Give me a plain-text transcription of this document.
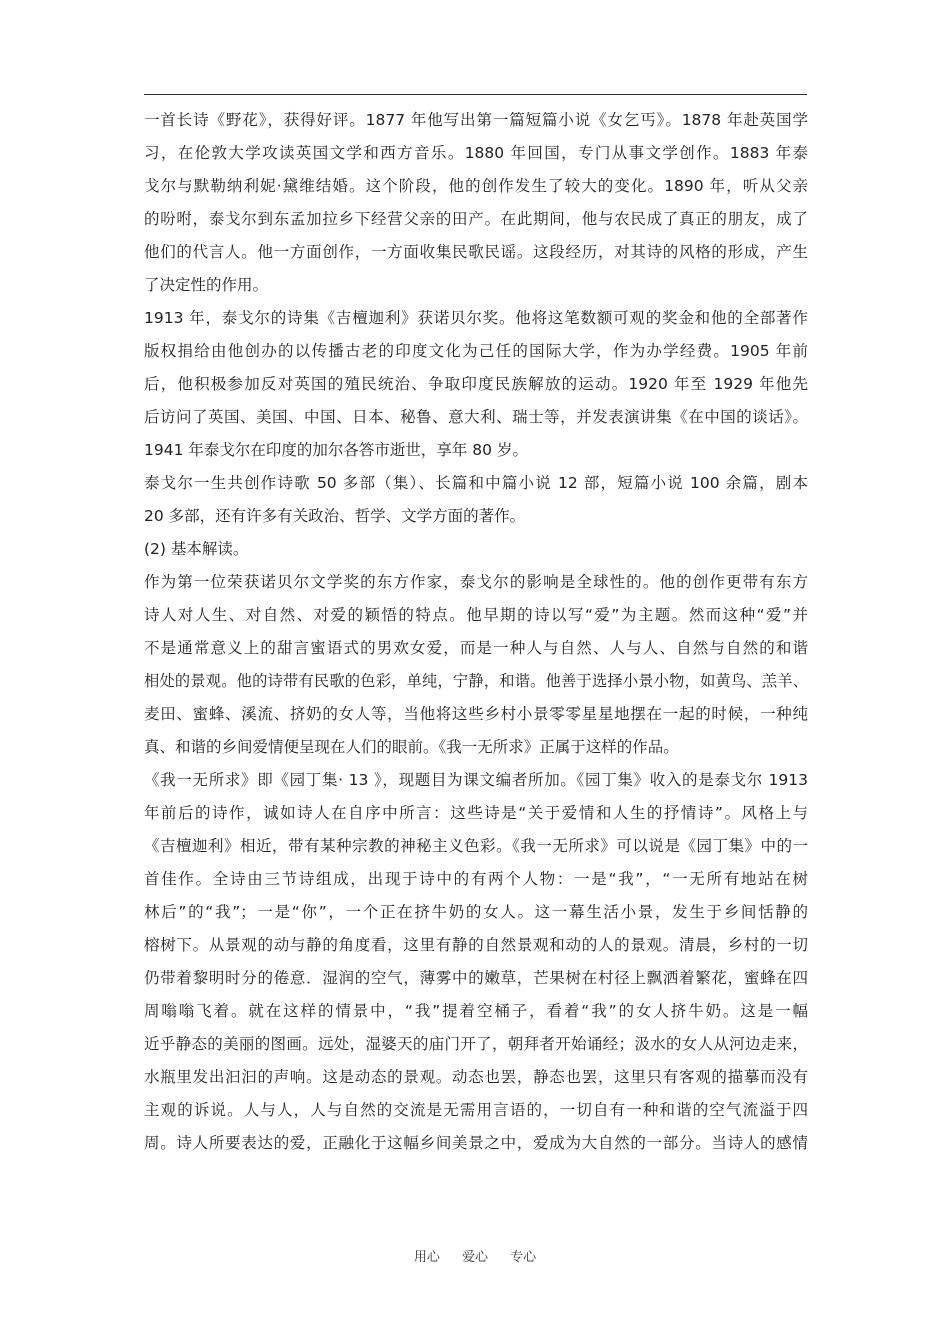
一首长诗《野花》，获得好评。1877 年他写出第一篇短篇小说《女乞丐》。1878 年赴英国学
习，在伦敦大学攻读英国文学和西方音乐。1880 年回国，专门从事文学创作。1883 年泰
戈尔与默勒纳利妮·黛维结婚。这个阶段，他的创作发生了较大的变化。1890 年，听从父亲
的吩咐，泰戈尔到东孟加拉乡下经营父亲的田产。在此期间，他与农民成了真正的朋友，成了
他们的代言人。他一方面创作，一方面收集民歌民谣。这段经历，对其诗的风格的形成，产生
了决定性的作用。
1913 年，泰戈尔的诗集《吉檀迦利》获诺贝尔奖。他将这笔数额可观的奖金和他的全部著作
版权捐给由他创办的以传播古老的印度文化为己任的国际大学，作为办学经费。1905 年前
后，他积极参加反对英国的殖民统治、争取印度民族解放的运动。1920 年至 1929 年他先
后访问了英国、美国、中国、日本、秘鲁、意大利、瑞士等，并发表演讲集《在中国的谈话》。
1941 年泰戈尔在印度的加尔各答市逝世，享年 80 岁。
泰戈尔一生共创作诗歌 50 多部（集）、长篇和中篇小说 12 部，短篇小说 100 余篇，剧本
20 多部，还有许多有关政治、哲学、文学方面的著作。
(2) 基本解读。
作为第一位荣获诺贝尔文学奖的东方作家，泰戈尔的影响是全球性的。他的创作更带有东方
诗人对人生、对自然、对爱的颖悟的特点。他早期的诗以写“爱”为主题。然而这种“爱”并
不是通常意义上的甜言蜜语式的男欢女爱，而是一种人与自然、人与人、自然与自然的和谐
相处的景观。他的诗带有民歌的色彩，单纯，宁静，和谐。他善于选择小景小物，如黄鸟、羔羊、
麦田、蜜蜂、溪流、挤奶的女人等，当他将这些乡村小景零零星星地摆在一起的时候，一种纯
真、和谐的乡间爱情便呈现在人们的眼前。《我一无所求》正属于这样的作品。
《我一无所求》即《园丁集· 13 》，现题目为课文编者所加。《园丁集》收入的是泰戈尔 1913
年前后的诗作，诚如诗人在自序中所言：这些诗是“关于爱情和人生的抒情诗”。风格上与
《吉檀迦利》相近，带有某种宗教的神秘主义色彩。《我一无所求》可以说是《园丁集》中的一
首佳作。全诗由三节诗组成，出现于诗中的有两个人物：一是“我”，“一无所有地站在树
林后”的“我”；一是“你”，一个正在挤牛奶的女人。这一幕生活小景，发生于乡间恬静的
榕树下。从景观的动与静的角度看，这里有静的自然景观和动的人的景观。清晨，乡村的一切
仍带着黎明时分的倦意．湿润的空气，薄雾中的嫩草，芒果树在村径上飘洒着繁花，蜜蜂在四
周嗡嗡飞着。就在这样的情景中，“我”提着空桶子，看着“我”的女人挤牛奶。这是一幅
近乎静态的美丽的图画。远处，湿婆天的庙门开了，朝拜者开始诵经；汲水的女人从河边走来，
水瓶里发出汩汩的声响。这是动态的景观。动态也罢，静态也罢，这里只有客观的描摹而没有
主观的诉说。人与人，人与自然的交流是无需用言语的，一切自有一种和谐的空气流溢于四
周。诗人所要表达的爱，正融化于这幅乡间美景之中，爱成为大自然的一部分。当诗人的感情
用心 爱心 专心
